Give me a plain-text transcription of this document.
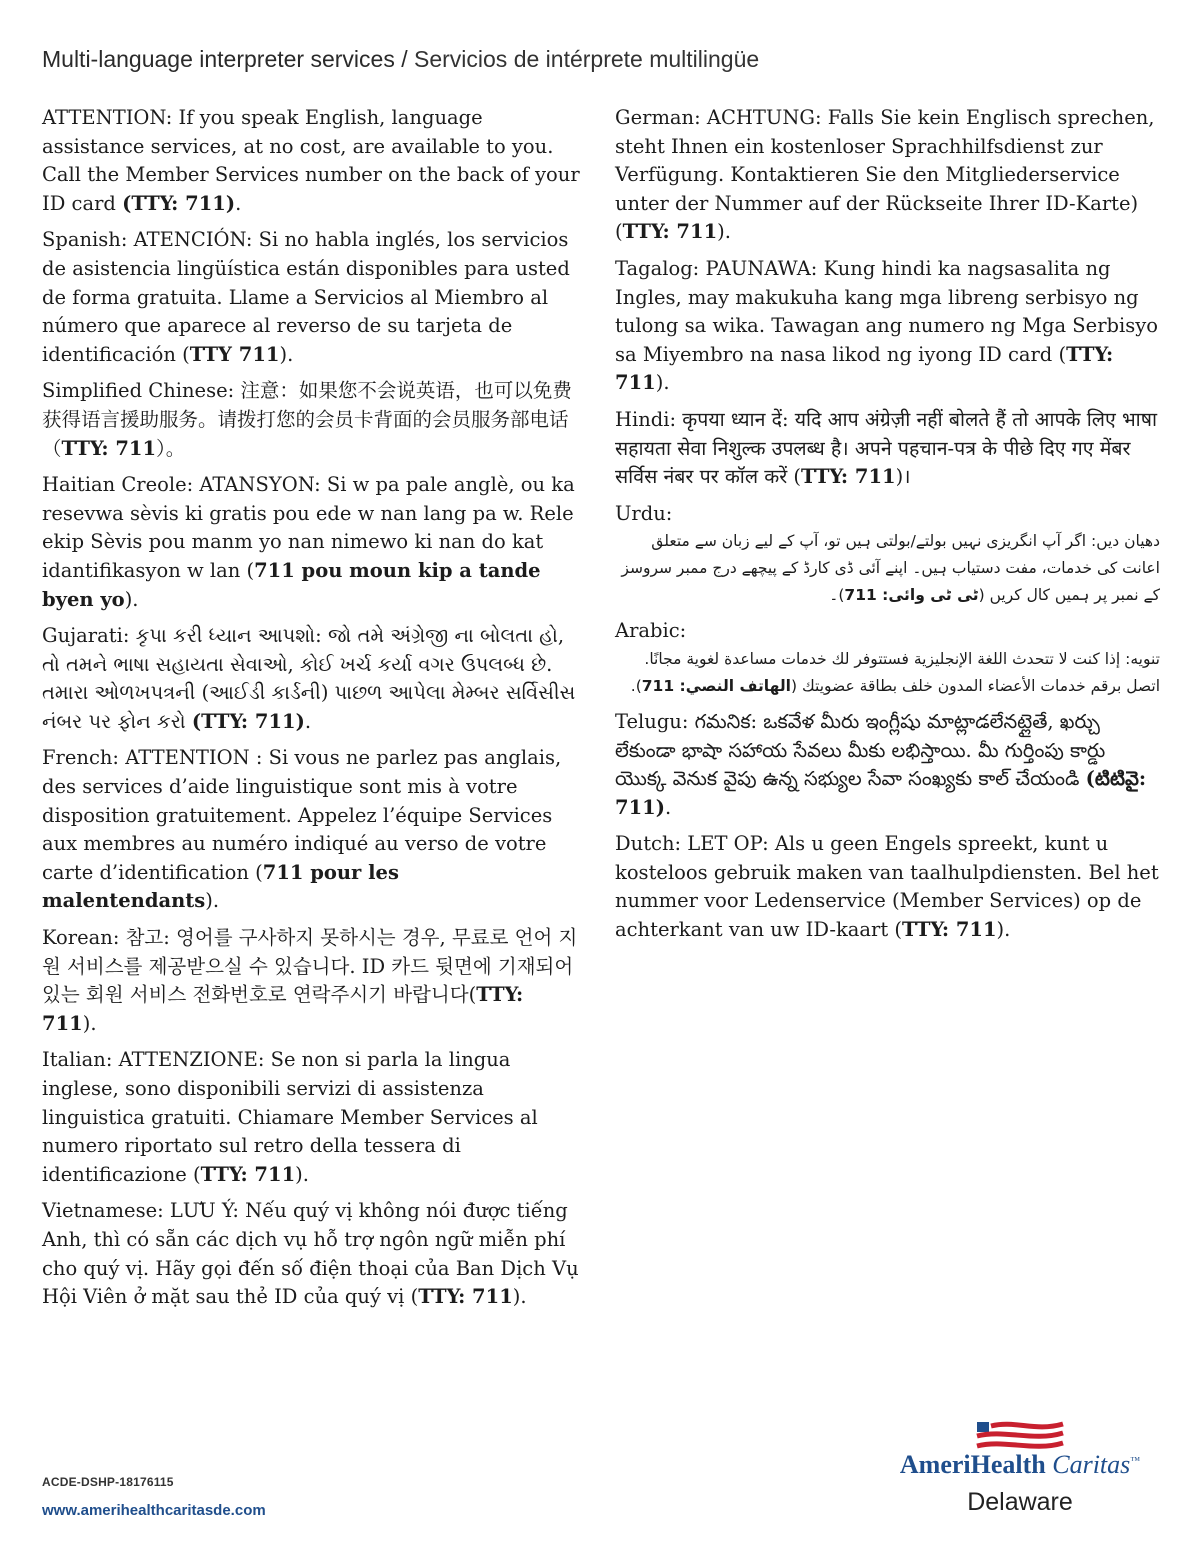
Multi-language interpreter services / Servicios de intérprete multilingüe

ATTENTION: If you speak English, language assistance services, at no cost, are available to you. Call the Member Services number on the back of your ID card (TTY: 711).

Spanish: ATENCIÓN: Si no habla inglés, los servicios de asistencia lingüística están disponibles para usted de forma gratuita. Llame a Servicios al Miembro al número que aparece al reverso de su tarjeta de identificación (TTY 711).

Simplified Chinese: 注意：如果您不会说英语，也可以免费获得语言援助服务。请拨打您的会员卡背面的会员服务部电话（TTY: 711）。

Haitian Creole: ATANSYON: Si w pa pale anglè, ou ka resevwa sèvis ki gratis pou ede w nan lang pa w. Rele ekip Sèvis pou manm yo nan nimewo ki nan do kat idantifikasyon w lan (711 pou moun kip a tande byen yo).

Gujarati: કૃપા કરી ધ્યાન આપશો: જો તમે અંગ્રેજી ના બોલતા હો, તો તમને ભાષા સહાયતા સેવાઓ, કોઈ ખર્ચ કર્યા વગર ઉપલબ્ધ છે. તમારા ઓળખપત્રની (આઈડી કાર્ડની) પાછળ આપેલા મેમ્બર સર્વિસીસ નંબર પર ફોન કરો (TTY: 711).

French: ATTENTION : Si vous ne parlez pas anglais, des services d’aide linguistique sont mis à votre disposition gratuitement. Appelez l’équipe Services aux membres au numéro indiqué au verso de votre carte d’identification (711 pour les malentendants).

Korean: 참고: 영어를 구사하지 못하시는 경우, 무료로 언어 지원 서비스를 제공받으실 수 있습니다. ID 카드 뒷면에 기재되어 있는 회원 서비스 전화번호로 연락주시기 바랍니다(TTY: 711).

Italian: ATTENZIONE: Se non si parla la lingua inglese, sono disponibili servizi di assistenza linguistica gratuiti. Chiamare Member Services al numero riportato sul retro della tessera di identificazione (TTY: 711).

Vietnamese: LƯU Ý: Nếu quý vị không nói được tiếng Anh, thì có sẵn các dịch vụ hỗ trợ ngôn ngữ miễn phí cho quý vị. Hãy gọi đến số điện thoại của Ban Dịch Vụ Hội Viên ở mặt sau thẻ ID của quý vị (TTY: 711).

German: ACHTUNG: Falls Sie kein Englisch sprechen, steht Ihnen ein kostenloser Sprachhilfsdienst zur Verfügung. Kontaktieren Sie den Mitgliederservice unter der Nummer auf der Rückseite Ihrer ID-Karte) (TTY: 711).

Tagalog: PAUNAWA: Kung hindi ka nagsasalita ng Ingles, may makukuha kang mga libreng serbisyo ng tulong sa wika. Tawagan ang numero ng Mga Serbisyo sa Miyembro na nasa likod ng iyong ID card (TTY: 711).

Hindi: कृपया ध्यान दें: यदि आप अंग्रेज़ी नहीं बोलते हैं तो आपके लिए भाषा सहायता सेवा निशुल्क उपलब्ध है। अपने पहचान-पत्र के पीछे दिए गए मेंबर सर्विस नंबर पर कॉल करें (TTY: 711)।

Urdu:
دھیان دیں: اگر آپ انگریزی نہیں بولتے/بولتی ہیں تو، آپ کے لیے زبان سے متعلق اعانت کی خدمات، مفت دستیاب ہیں۔ اپنے آئی ڈی کارڈ کے پیچھے درج ممبر سروسز کے نمبر پر ہمیں کال کریں (ٹی ٹی وائی: 711)۔
Arabic:
تنويه: إذا كنت لا تتحدث اللغة الإنجليزية فستتوفر لك خدمات مساعدة لغوية مجانًا. اتصل برقم خدمات الأعضاء المدون خلف بطاقة عضويتك (الهاتف النصي: 711).

Telugu: గమనిక: ఒకవేళ మీరు ఇంగ్లీషు మాట్లాడలేనట్లైతే, ఖర్చు లేకుండా భాషా సహాయ సేవలు మీకు లభిస్తాయి. మీ గుర్తింపు కార్డు యొక్క వెనుక వైపు ఉన్న సభ్యుల సేవా సంఖ్యకు కాల్ చేయండి (టిటివై: 711).

Dutch: LET OP: Als u geen Engels spreekt, kunt u kosteloos gebruik maken van taalhulpdiensten. Bel het nummer voor Ledenservice (Member Services) op de achterkant van uw ID-kaart (TTY: 711).

ACDE-DSHP-18176115
www.amerihealthcaritasde.com
AmeriHealth Caritas™
Delaware
